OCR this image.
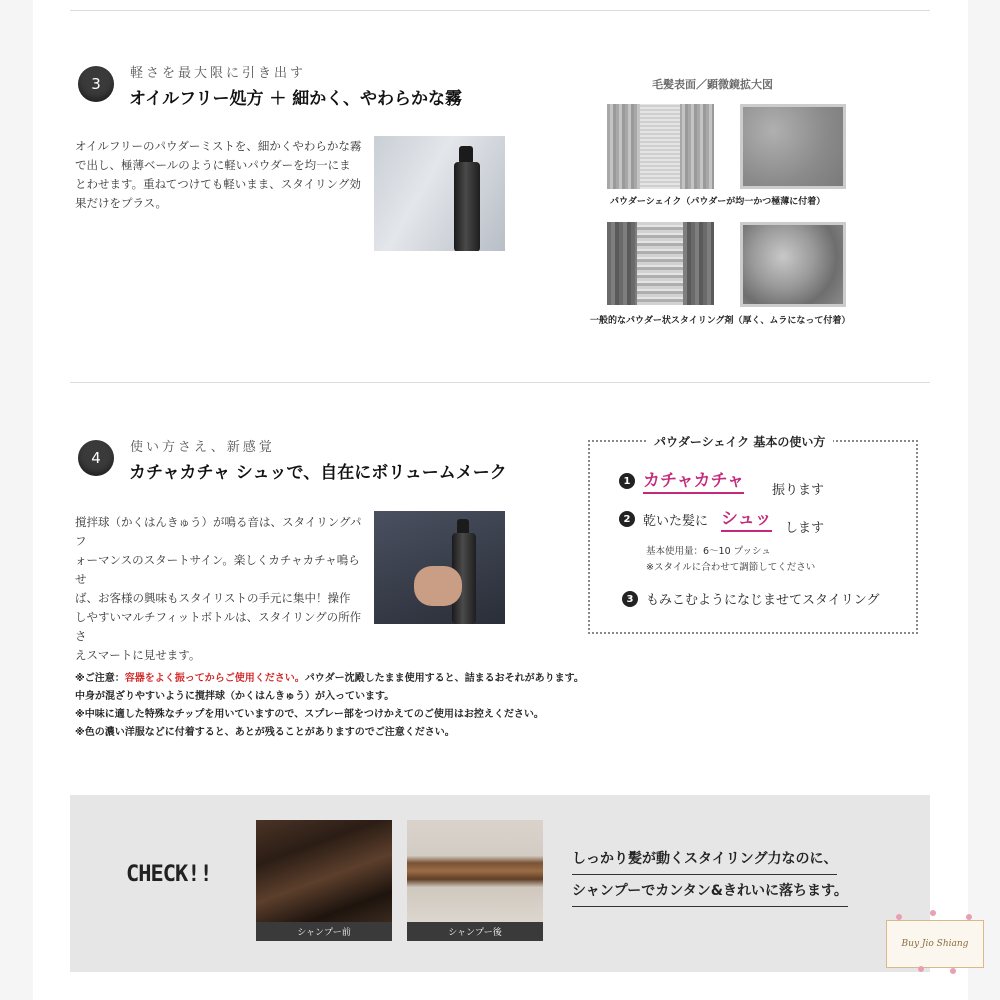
3
軽さを最大限に引き出す
オイルフリー処方 ＋ 細かく、やわらかな霧
オイルフリーのパウダーミストを、細かくやわらかな霧
で出し、極薄ベールのように軽いパウダーを均一にま
とわせます。重ねてつけても軽いまま、スタイリング効
果だけをプラス。
毛髪表面／顕微鏡拡大図
パウダーシェイク（パウダーが均一かつ極薄に付着）
一般的なパウダー状スタイリング剤（厚く、ムラになって付着）
4
使い方さえ、新感覚
カチャカチャ シュッで、自在にボリュームメーク
撹拌球（かくはんきゅう）が鳴る音は、スタイリングパフ
ォーマンスのスタートサイン。楽しくカチャカチャ鳴らせ
ば、お客様の興味もスタイリストの手元に集中！操作
しやすいマルチフィットボトルは、スタイリングの所作さ
えスマートに見せます。
パウダーシェイク 基本の使い方
1 カチャカチャ 振ります
2 乾いた髪に シュッ します
基本使用量：6〜10 プッシュ
※スタイルに合わせて調節してください
3 もみこむようになじませてスタイリング
※ご注意：容器をよく振ってからご使用ください。パウダー沈殿したまま使用すると、詰まるおそれがあります。
中身が混ざりやすいように撹拌球（かくはんきゅう）が入っています。
※中味に適した特殊なチップを用いていますので、スプレー部をつけかえてのご使用はお控えください。
※色の濃い洋服などに付着すると、あとが残ることがありますのでご注意ください。
CHECK!!
シャンプー前	シャンプー後
しっかり髪が動くスタイリング力なのに、
シャンプーでカンタン&きれいに落ちます。
Buy Jio Shiang
